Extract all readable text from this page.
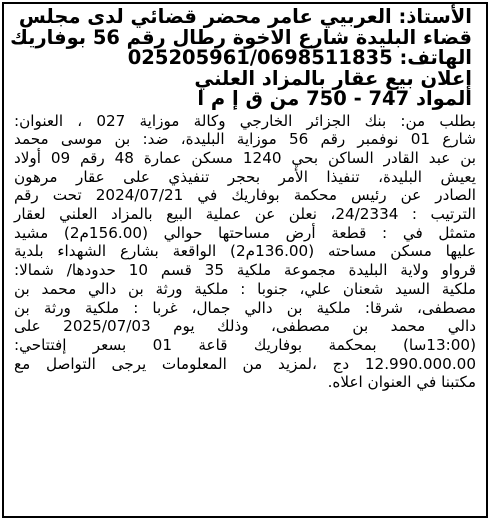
الأستاذ: العربيي عامر محضر قضائي لدى مجلس
قضاء البليدة شارع الاخوة رطال رقم 56 بوفاريك
الهاتف: 025205961/0698511835
إعلان بيع عقار بالمزاد العلني
المواد 747 - 750 من ق إ م ا
بطلب من: بنك الجزائر الخارجي وكالة موزاية 027 ، العنوان:
شارع 01 نوفمبر رقم 56 موزاية البليدة، ضد: بن موسى محمد
بن عبد القادر الساكن بحي 1240 مسكن عمارة 48 رقم 09 أولاد
يعيش البليدة، تنفيذا الأمر بحجر تنفيذي على عقار مرهون
الصادر عن رئيس محكمة بوفاريك في 2024/07/21 تحت رقم
الترتيب : 24/2334، نعلن عن عملية البيع بالمزاد العلني لعقار
متمثل في : قطعة أرض مساحتها حوالي (156.00م2) مشيد
عليها مسكن مساحته (136.00م2) الواقعة بشارع الشهداء بلدية
قرواو ولاية البليدة مجموعة ملكية 35 قسم 10 حدودها/ شمالا:
ملكية السيد شعنان علي، جنوبا : ملكية ورثة بن دالي محمد بن
مصطفى، شرقا: ملكية بن دالي جمال، غربا : ملكية ورثة بن
دالي محمد بن مصطفى، وذلك يوم 2025/07/03 على
(13:00سا) بمحكمة بوفاريك قاعة 01 بسعر إفتتاحي:
12.990.000.00 دج ،لمزيد من المعلومات يرجى التواصل مع
مكتبنا في العنوان اعلاه.
